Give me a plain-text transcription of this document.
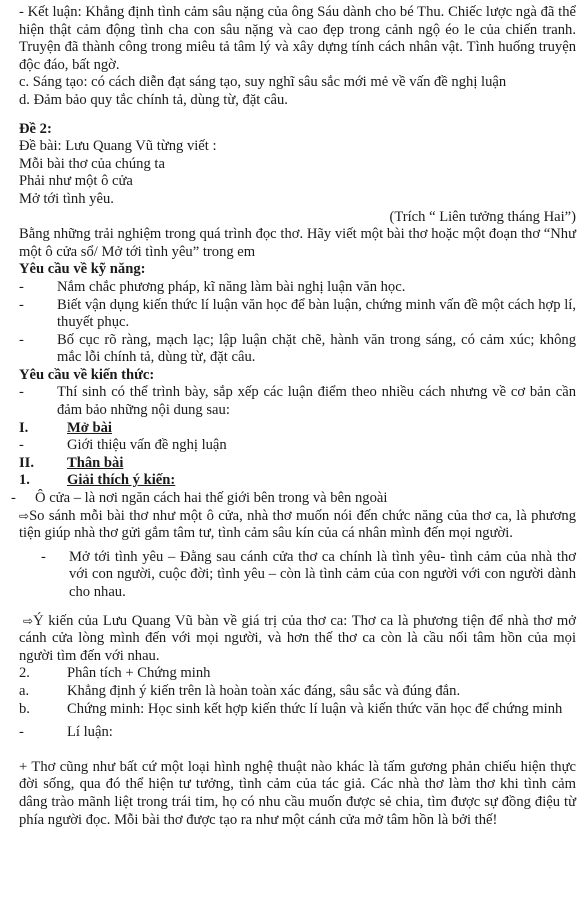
- Kết luận: Khẳng định tình cảm sâu nặng của ông Sáu dành cho bé Thu. Chiếc lược ngà đã thể hiện thật cảm động tình cha con sâu nặng và cao đẹp trong cảnh ngộ éo le của chiến tranh. Truyện đã thành công trong miêu tả tâm lý và xây dựng tính cách nhân vật. Tình huống truyện độc đáo, bất ngờ.

c. Sáng tạo: có cách diễn đạt sáng tạo, suy nghĩ sâu sắc mới mẻ về vấn đề nghị luận

d. Đảm bảo quy tắc chính tả, dùng từ, đặt câu.

Đề 2:

Đề bài: Lưu Quang Vũ từng viết :

Mỗi bài thơ của chúng ta

Phải như một ô cửa

Mở tới tình yêu.

(Trích “ Liên tưởng tháng Hai”)

Bằng những trải nghiệm trong quá trình đọc thơ. Hãy viết một bài thơ hoặc một đoạn thơ “Như một ô cửa sổ/ Mở tới tình yêu” trong em

Yêu cầu về kỹ năng:

-	Nắm chắc phương pháp, kĩ năng làm bài nghị luận văn học.
-	Biết vận dụng kiến thức lí luận văn học để bàn luận, chứng minh vấn đề một cách hợp lí, thuyết phục.
-	Bố cục rõ ràng, mạch lạc; lập luận chặt chẽ, hành văn trong sáng, có cảm xúc; không mắc lỗi chính tả, dùng từ, đặt câu.

Yêu cầu về kiến thức:

-	Thí sinh có thể trình bày, sắp xếp các luận điểm theo nhiều cách nhưng về cơ bản cần đảm bảo những nội dung sau:
I.	Mở bài
-	Giới thiệu vấn đề nghị luận
II.	Thân bài
1.	Giải thích ý kiến:
-	Ô cửa – là nơi ngăn cách hai thế giới bên trong và bên ngoài

⇨So sánh mỗi bài thơ như một ô cửa, nhà thơ muốn nói đến chức năng của thơ ca, là phương tiện giúp nhà thơ gửi gắm tâm tư, tình cảm sâu kín của cá nhân mình đến mọi người.

-	Mở tới tình yêu – Đằng sau cánh cửa thơ ca chính là tình yêu- tình cảm của nhà thơ với con người, cuộc đời; tình yêu – còn là tình cảm của con người với con người dành cho nhau.

⇨Ý kiến của Lưu Quang Vũ bàn về giá trị của thơ ca: Thơ ca là phương tiện để nhà thơ mở cánh cửa lòng mình đến với mọi người, và hơn thế thơ ca còn là cầu nối tâm hồn của mọi người tìm đến với nhau.

2.	Phân tích + Chứng minh
a.	Khẳng định ý kiến trên là hoàn toàn xác đáng, sâu sắc và đúng đắn.

b.	Chứng minh: Học sinh kết hợp kiến thức lí luận và kiến thức văn học để chứng minh

-	Lí luận:

+ Thơ cũng như bất cứ một loại hình nghệ thuật nào khác là tấm gương phản chiếu hiện thực đời sống, qua đó thể hiện tư tưởng, tình cảm của tác giả. Các nhà thơ làm thơ khi tình cảm dâng trào mãnh liệt trong trái tim, họ có nhu cầu muốn được sẻ chia, tìm được sự đồng điệu từ phía người đọc. Mỗi bài thơ được tạo ra như một cánh cửa mở tâm hồn là bởi thế!
